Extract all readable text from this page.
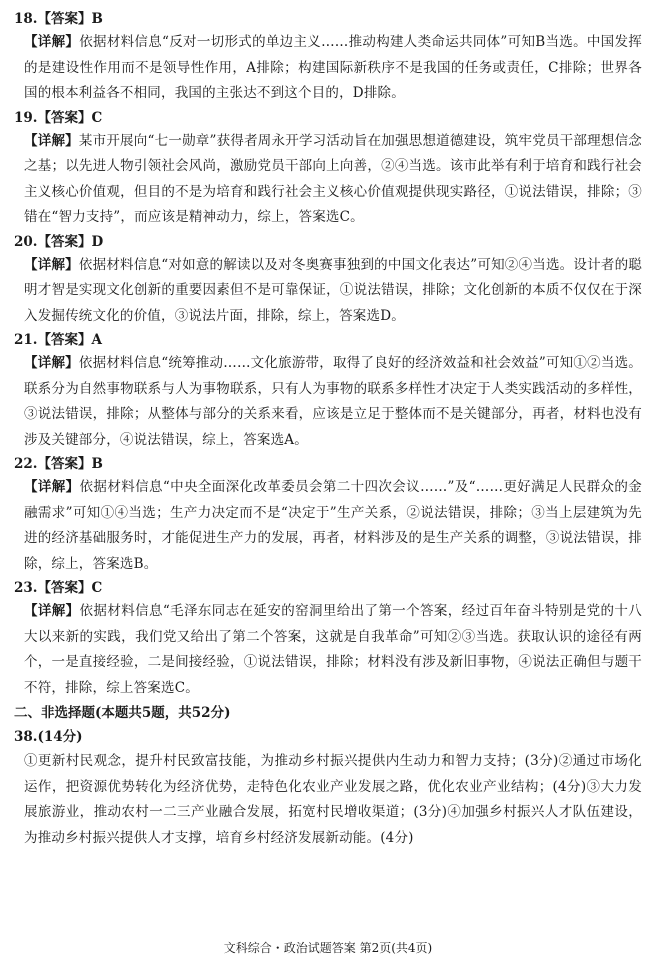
18.【答案】B

【详解】依据材料信息“反对一切形式的单边主义……推动构建人类命运共同体”可知B当选。中国发挥的是建设性作用而不是领导性作用，A排除；构建国际新秩序不是我国的任务或责任，C排除；世界各国的根本利益各不相同，我国的主张达不到这个目的，D排除。

19.【答案】C

【详解】某市开展向“七一勋章”获得者周永开学习活动旨在加强思想道德建设，筑牢党员干部理想信念之基；以先进人物引领社会风尚，激励党员干部向上向善，②④当选。该市此举有利于培育和践行社会主义核心价值观，但目的不是为培育和践行社会主义核心价值观提供现实路径，①说法错误，排除；③错在“智力支持”，而应该是精神动力，综上，答案选C。

20.【答案】D

【详解】依据材料信息“对如意的解读以及对冬奥赛事独到的中国文化表达”可知②④当选。设计者的聪明才智是实现文化创新的重要因素但不是可靠保证，①说法错误，排除；文化创新的本质不仅仅在于深入发掘传统文化的价值，③说法片面，排除，综上，答案选D。

21.【答案】A

【详解】依据材料信息“统筹推动……文化旅游带，取得了良好的经济效益和社会效益”可知①②当选。联系分为自然事物联系与人为事物联系，只有人为事物的联系多样性才决定于人类实践活动的多样性，③说法错误，排除；从整体与部分的关系来看，应该是立足于整体而不是关键部分，再者，材料也没有涉及关键部分，④说法错误，综上，答案选A。

22.【答案】B

【详解】依据材料信息“中央全面深化改革委员会第二十四次会议……”及“……更好满足人民群众的金融需求”可知①④当选；生产力决定而不是“决定于”生产关系，②说法错误，排除；③当上层建筑为先进的经济基础服务时，才能促进生产力的发展，再者，材料涉及的是生产关系的调整，③说法错误，排除，综上，答案选B。

23.【答案】C

【详解】依据材料信息“毛泽东同志在延安的窑洞里给出了第一个答案，经过百年奋斗特别是党的十八大以来新的实践，我们党又给出了第二个答案，这就是自我革命”可知②③当选。获取认识的途径有两个，一是直接经验，二是间接经验，①说法错误，排除；材料没有涉及新旧事物，④说法正确但与题干不符，排除，综上答案选C。

二、非选择题(本题共5题，共52分)

38.(14分)

①更新村民观念，提升村民致富技能，为推动乡村振兴提供内生动力和智力支持；(3分)②通过市场化运作，把资源优势转化为经济优势，走特色化农业产业发展之路，优化农业产业结构；(4分)③大力发展旅游业，推动农村一二三产业融合发展，拓宽村民增收渠道；(3分)④加强乡村振兴人才队伍建设，为推动乡村振兴提供人才支撑，培育乡村经济发展新动能。(4分)

文科综合・政治试题答案 第2页(共4页)
